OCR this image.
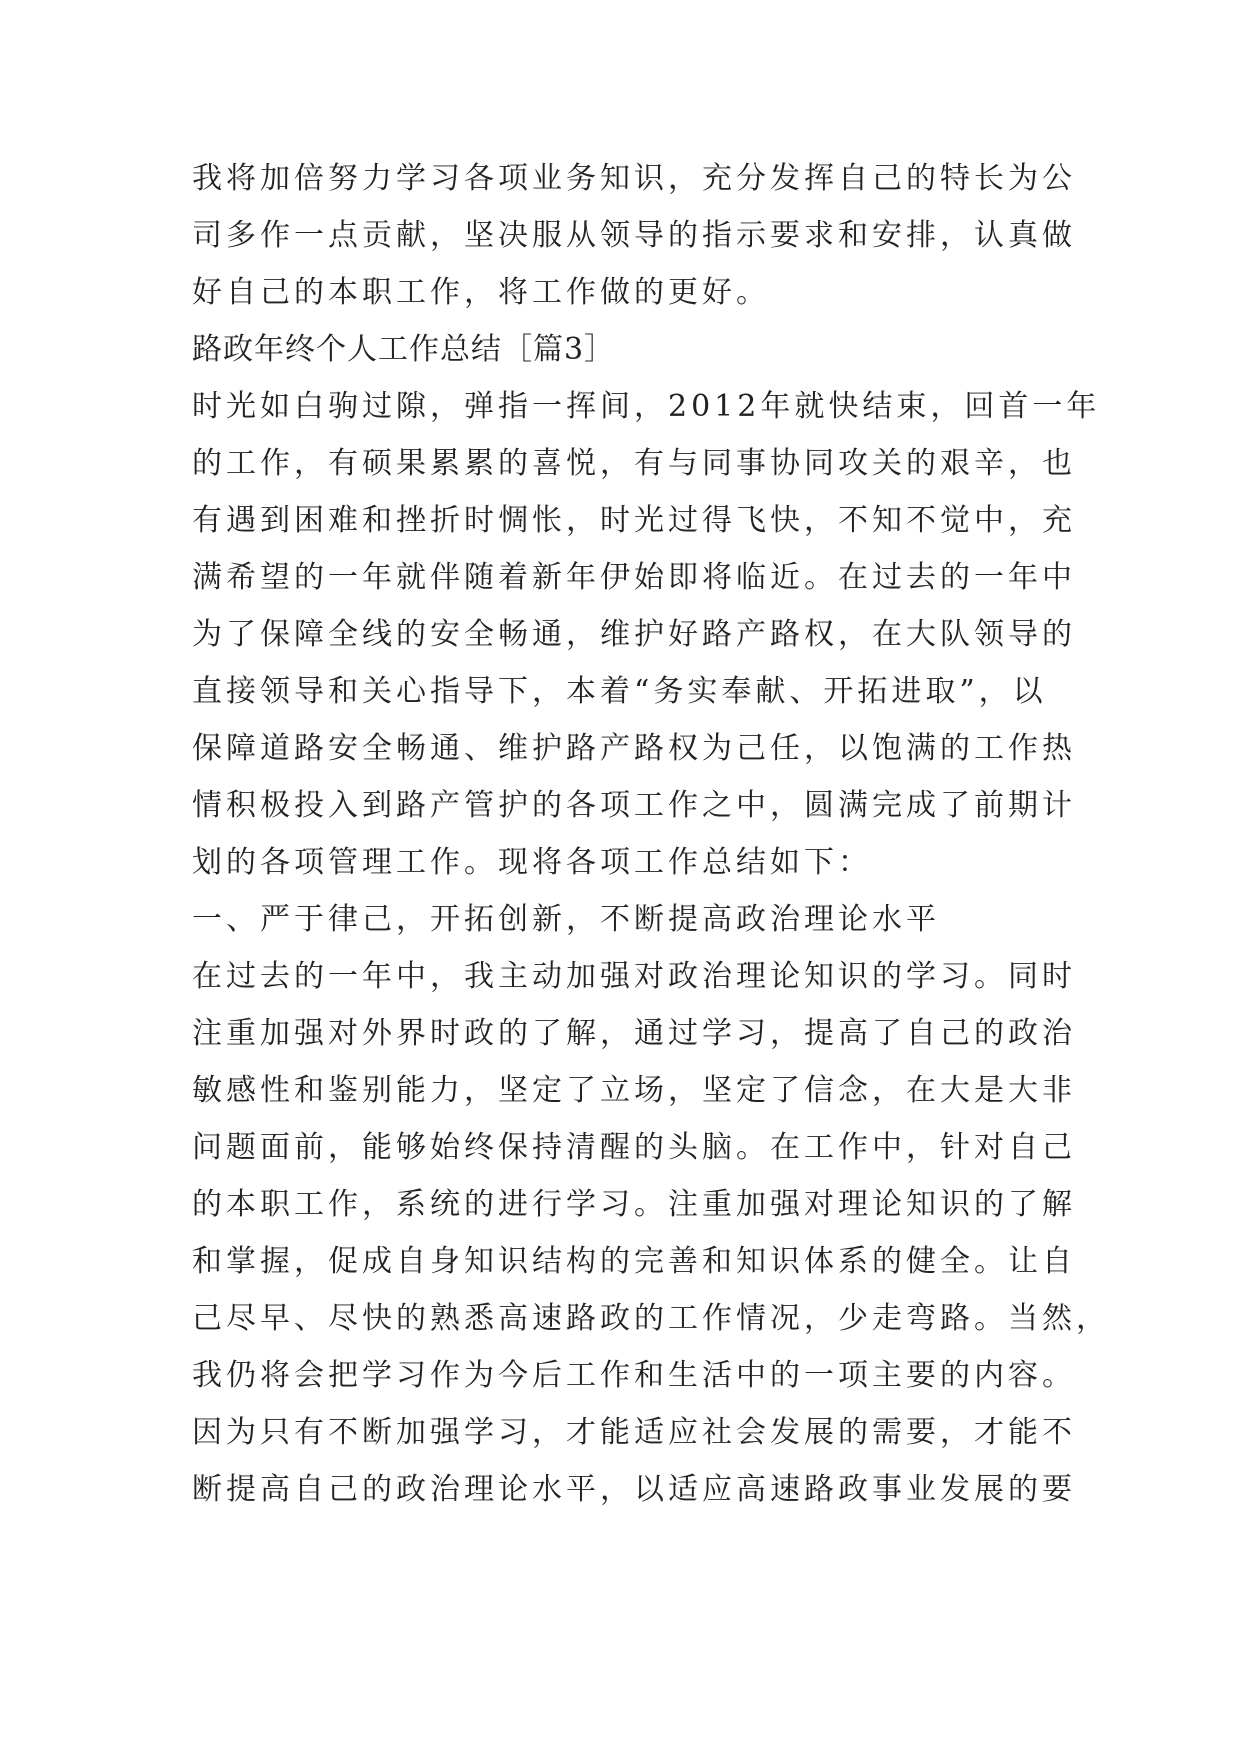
我将加倍努力学习各项业务知识，充分发挥自己的特长为公
司多作一点贡献，坚决服从领导的指示要求和安排，认真做
好自己的本职工作，将工作做的更好。
路政年终个人工作总结［篇3］
时光如白驹过隙，弹指一挥间，2012年就快结束，回首一年
的工作，有硕果累累的喜悦，有与同事协同攻关的艰辛，也
有遇到困难和挫折时惆怅，时光过得飞快，不知不觉中，充
满希望的一年就伴随着新年伊始即将临近。在过去的一年中
为了保障全线的安全畅通，维护好路产路权，在大队领导的
直接领导和关心指导下，本着“务实奉献、开拓进取”，以
保障道路安全畅通、维护路产路权为己任，以饱满的工作热
情积极投入到路产管护的各项工作之中，圆满完成了前期计
划的各项管理工作。现将各项工作总结如下：
一、严于律己，开拓创新，不断提高政治理论水平
在过去的一年中，我主动加强对政治理论知识的学习。同时
注重加强对外界时政的了解，通过学习，提高了自己的政治
敏感性和鉴别能力，坚定了立场，坚定了信念，在大是大非
问题面前，能够始终保持清醒的头脑。在工作中，针对自己
的本职工作，系统的进行学习。注重加强对理论知识的了解
和掌握，促成自身知识结构的完善和知识体系的健全。让自
己尽早、尽快的熟悉高速路政的工作情况，少走弯路。当然，
我仍将会把学习作为今后工作和生活中的一项主要的内容。
因为只有不断加强学习，才能适应社会发展的需要，才能不
断提高自己的政治理论水平，以适应高速路政事业发展的要
